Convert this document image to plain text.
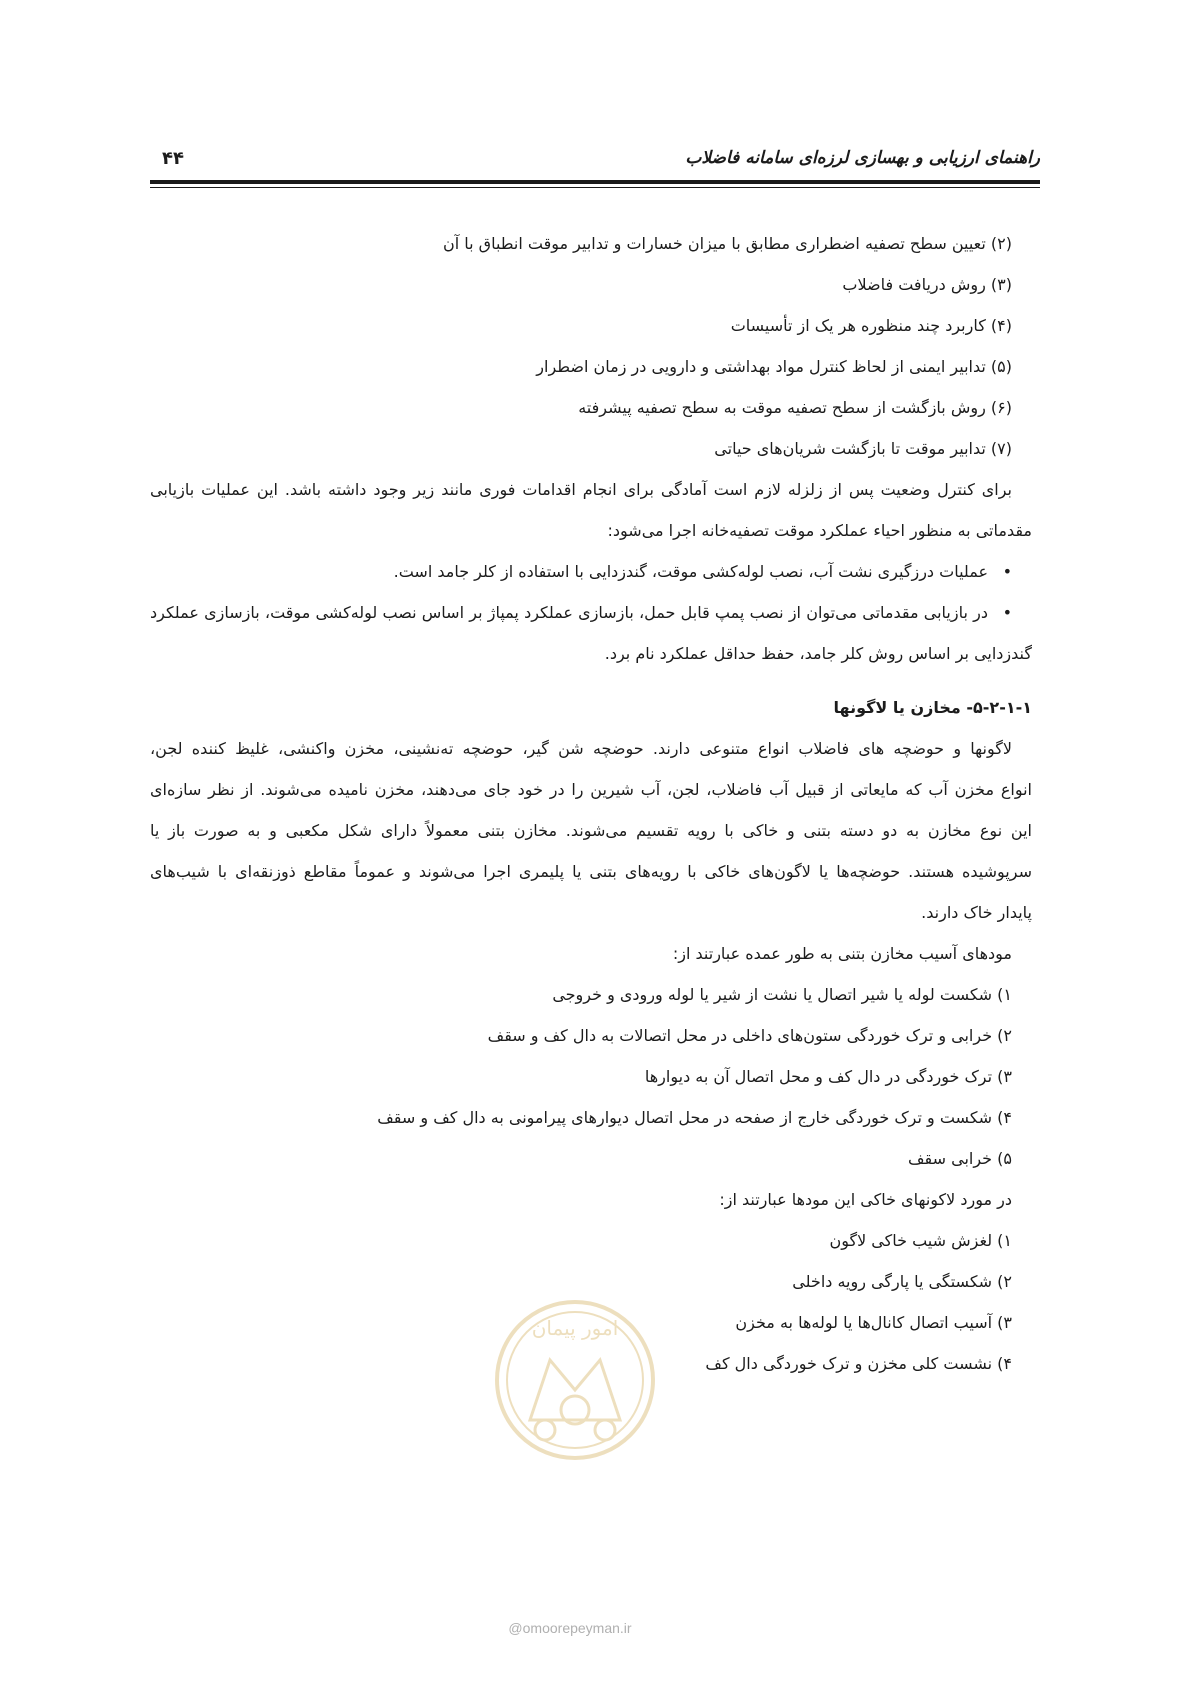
راهنمای ارزیابی و بهسازی لرزه‌ای سامانه فاضلاب
۴۴
(۲) تعیین سطح تصفیه اضطراری مطابق با میزان خسارات و تدابیر موقت انطباق با آن
(۳) روش دریافت فاضلاب
(۴) کاربرد چند منظوره هر یک از تأسیسات
(۵) تدابیر ایمنی از لحاظ کنترل مواد بهداشتی و دارویی در زمان اضطرار
(۶) روش بازگشت از سطح تصفیه موقت به سطح تصفیه پیشرفته
(۷) تدابیر موقت تا بازگشت شریان‌های حیاتی
برای کنترل وضعیت پس از زلزله لازم است آمادگی برای انجام اقدامات فوری مانند زیر وجود داشته باشد. این عملیات بازیابی
مقدماتی به منظور احیاء عملکرد موقت تصفیه‌خانه اجرا می‌شود:
•عملیات درزگیری نشت آب، نصب لوله‌کشی موقت، گندزدایی با استفاده از کلر جامد است.
•در بازیابی مقدماتی می‌توان از نصب پمپ قابل حمل، بازسازی عملکرد پمپاژ بر اساس نصب لوله‌کشی موقت، بازسازی عملکرد
گندزدایی بر اساس روش کلر جامد، حفظ حداقل عملکرد نام برد.
۵-۲-۱-۱- مخازن یا لاگونها
لاگونها و حوضچه های فاضلاب انواع متنوعی دارند. حوضچه شن گیر، حوضچه ته‌نشینی، مخزن واکنشی، غلیظ کننده لجن،
انواع مخزن آب که مایعاتی از قبیل آب فاضلاب، لجن، آب شیرین را در خود جای می‌دهند، مخزن نامیده می‌شوند. از نظر سازه‌ای
این نوع مخازن به دو دسته بتنی و خاکی با رویه تقسیم می‌شوند. مخازن بتنی معمولاً دارای شکل مکعبی و به صورت باز یا
سرپوشیده هستند. حوضچه‌ها یا لاگون‌های خاکی با رویه‌های بتنی یا پلیمری اجرا می‌شوند و عموماً مقاطع ذوزنقه‌ای با شیب‌های
پایدار خاک دارند.
مودهای آسیب مخازن بتنی به طور عمده عبارتند از:
۱) شکست لوله یا شیر اتصال یا نشت از شیر یا لوله ورودی و خروجی
۲) خرابی و ترک خوردگی ستون‌های داخلی در محل اتصالات به دال کف و سقف
۳) ترک خوردگی در دال کف و محل اتصال آن به دیوارها
۴) شکست و ترک خوردگی خارج از صفحه در محل اتصال دیوارهای پیرامونی به دال کف و سقف
۵) خرابی سقف
در مورد لاکونهای خاکی این مودها عبارتند از:
۱) لغزش شیب خاکی لاگون
۲) شکستگی یا پارگی رویه داخلی
۳) آسیب اتصال کانال‌ها یا لوله‌ها به مخزن
۴) نشست کلی مخزن و ترک خوردگی دال کف
امور پیمان
@omoorepeyman.ir
